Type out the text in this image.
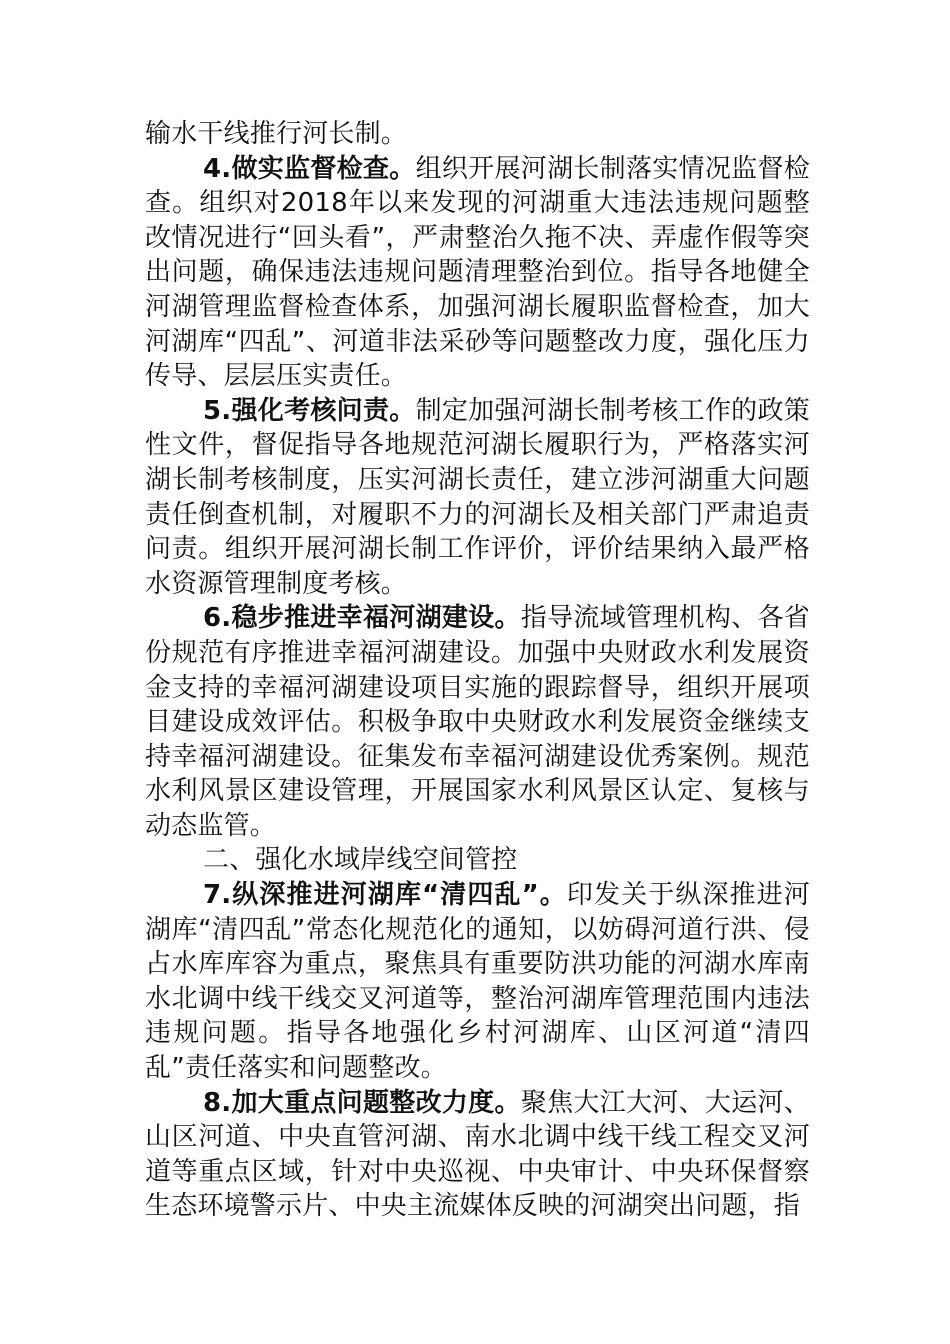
输水干线推行河长制。

4.做实监督检查。组织开展河湖长制落实情况监督检查。组织对2018年以来发现的河湖重大违法违规问题整改情况进行“回头看”，严肃整治久拖不决、弄虚作假等突出问题，确保违法违规问题清理整治到位。指导各地健全河湖管理监督检查体系，加强河湖长履职监督检查，加大河湖库“四乱”、河道非法采砂等问题整改力度，强化压力传导、层层压实责任。

5.强化考核问责。制定加强河湖长制考核工作的政策性文件，督促指导各地规范河湖长履职行为，严格落实河湖长制考核制度，压实河湖长责任，建立涉河湖重大问题责任倒查机制，对履职不力的河湖长及相关部门严肃追责问责。组织开展河湖长制工作评价，评价结果纳入最严格水资源管理制度考核。

6.稳步推进幸福河湖建设。指导流域管理机构、各省份规范有序推进幸福河湖建设。加强中央财政水利发展资金支持的幸福河湖建设项目实施的跟踪督导，组织开展项目建设成效评估。积极争取中央财政水利发展资金继续支持幸福河湖建设。征集发布幸福河湖建设优秀案例。规范水利风景区建设管理，开展国家水利风景区认定、复核与动态监管。

二、强化水域岸线空间管控

7.纵深推进河湖库“清四乱”。印发关于纵深推进河湖库“清四乱”常态化规范化的通知，以妨碍河道行洪、侵占水库库容为重点，聚焦具有重要防洪功能的河湖水库南水北调中线干线交叉河道等，整治河湖库管理范围内违法违规问题。指导各地强化乡村河湖库、山区河道“清四乱”责任落实和问题整改。

8.加大重点问题整改力度。聚焦大江大河、大运河、山区河道、中央直管河湖、南水北调中线干线工程交叉河道等重点区域，针对中央巡视、中央审计、中央环保督察生态环境警示片、中央主流媒体反映的河湖突出问题，指
